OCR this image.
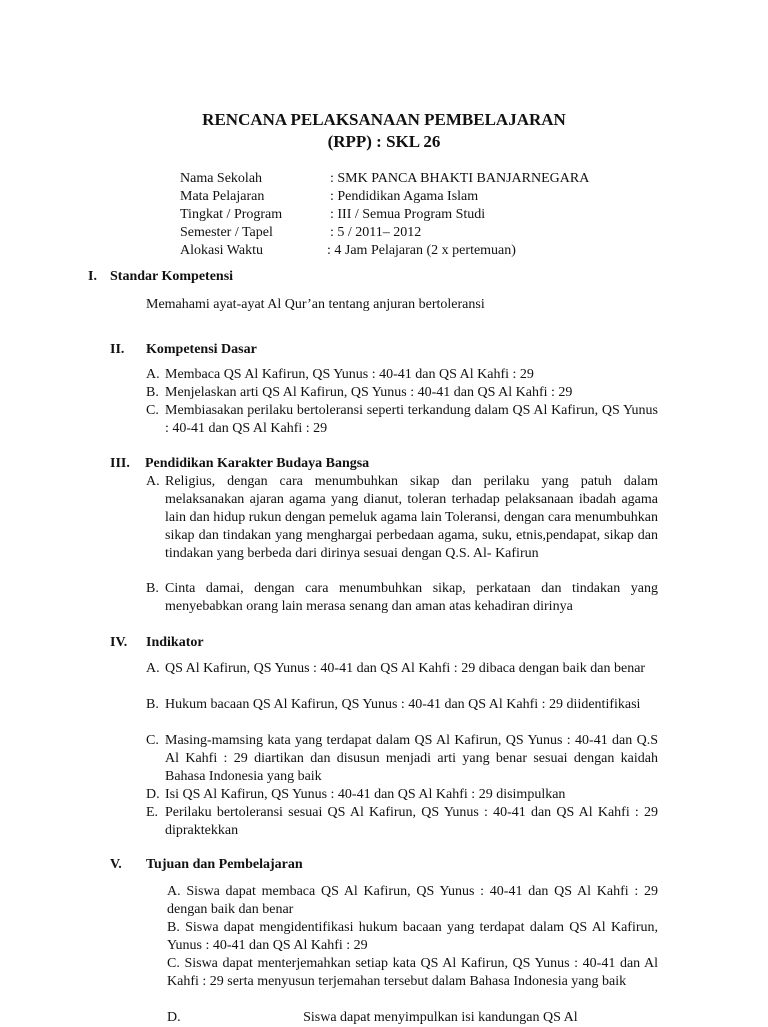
RENCANA PELAKSANAAN PEMBELAJARAN
(RPP) : SKL 26
Nama Sekolah	: SMK PANCA BHAKTI BANJARNEGARA
Mata Pelajaran	: Pendidikan Agama Islam
Tingkat / Program	: III / Semua Program Studi
Semester / Tapel	: 5 / 2011– 2012
Alokasi Waktu	: 4 Jam Pelajaran (2 x pertemuan)
I. Standar Kompetensi
Memahami ayat-ayat Al Qur’an tentang anjuran bertoleransi
II. Kompetensi Dasar
A. Membaca QS Al Kafirun, QS Yunus : 40-41 dan QS Al Kahfi : 29
B. Menjelaskan arti QS Al Kafirun, QS Yunus : 40-41 dan QS Al Kahfi : 29
C. Membiasakan perilaku bertoleransi seperti terkandung dalam QS Al Kafirun, QS Yunus : 40-41 dan QS Al Kahfi : 29
III. Pendidikan Karakter Budaya Bangsa
A. Religius, dengan cara menumbuhkan sikap dan perilaku yang patuh dalam melaksanakan ajaran agama yang dianut, toleran terhadap pelaksanaan ibadah agama lain dan hidup rukun dengan pemeluk agama lain Toleransi, dengan cara menumbuhkan sikap dan tindakan yang menghargai perbedaan agama, suku, etnis,pendapat, sikap dan tindakan yang berbeda dari dirinya sesuai dengan Q.S. Al- Kafirun
B. Cinta damai, dengan cara menumbuhkan sikap, perkataan dan tindakan yang menyebabkan orang lain merasa senang dan aman atas kehadiran dirinya
IV. Indikator
A. QS Al Kafirun, QS Yunus : 40-41 dan QS Al Kahfi : 29 dibaca dengan baik dan benar
B. Hukum bacaan QS Al Kafirun, QS Yunus : 40-41 dan QS Al Kahfi : 29 diidentifikasi
C. Masing-mamsing kata yang terdapat dalam QS Al Kafirun, QS Yunus : 40-41 dan Q.S Al Kahfi : 29 diartikan dan disusun menjadi arti yang benar sesuai dengan kaidah Bahasa Indonesia yang baik
D. Isi QS Al Kafirun, QS Yunus : 40-41 dan QS Al Kahfi : 29 disimpulkan
E. Perilaku bertoleransi sesuai QS Al Kafirun, QS Yunus : 40-41 dan QS Al Kahfi : 29 dipraktekkan
V. Tujuan dan Pembelajaran
A. Siswa dapat membaca QS Al Kafirun, QS Yunus : 40-41 dan QS Al Kahfi : 29 dengan baik dan benar
B. Siswa dapat mengidentifikasi hukum bacaan yang terdapat dalam QS Al Kafirun, Yunus : 40-41 dan QS Al Kahfi : 29
C. Siswa dapat menterjemahkan setiap kata QS Al Kafirun, QS Yunus : 40-41 dan Al Kahfi : 29 serta menyusun terjemahan tersebut dalam Bahasa Indonesia yang baik
D.                                   Siswa dapat menyimpulkan isi kandungan QS Al
